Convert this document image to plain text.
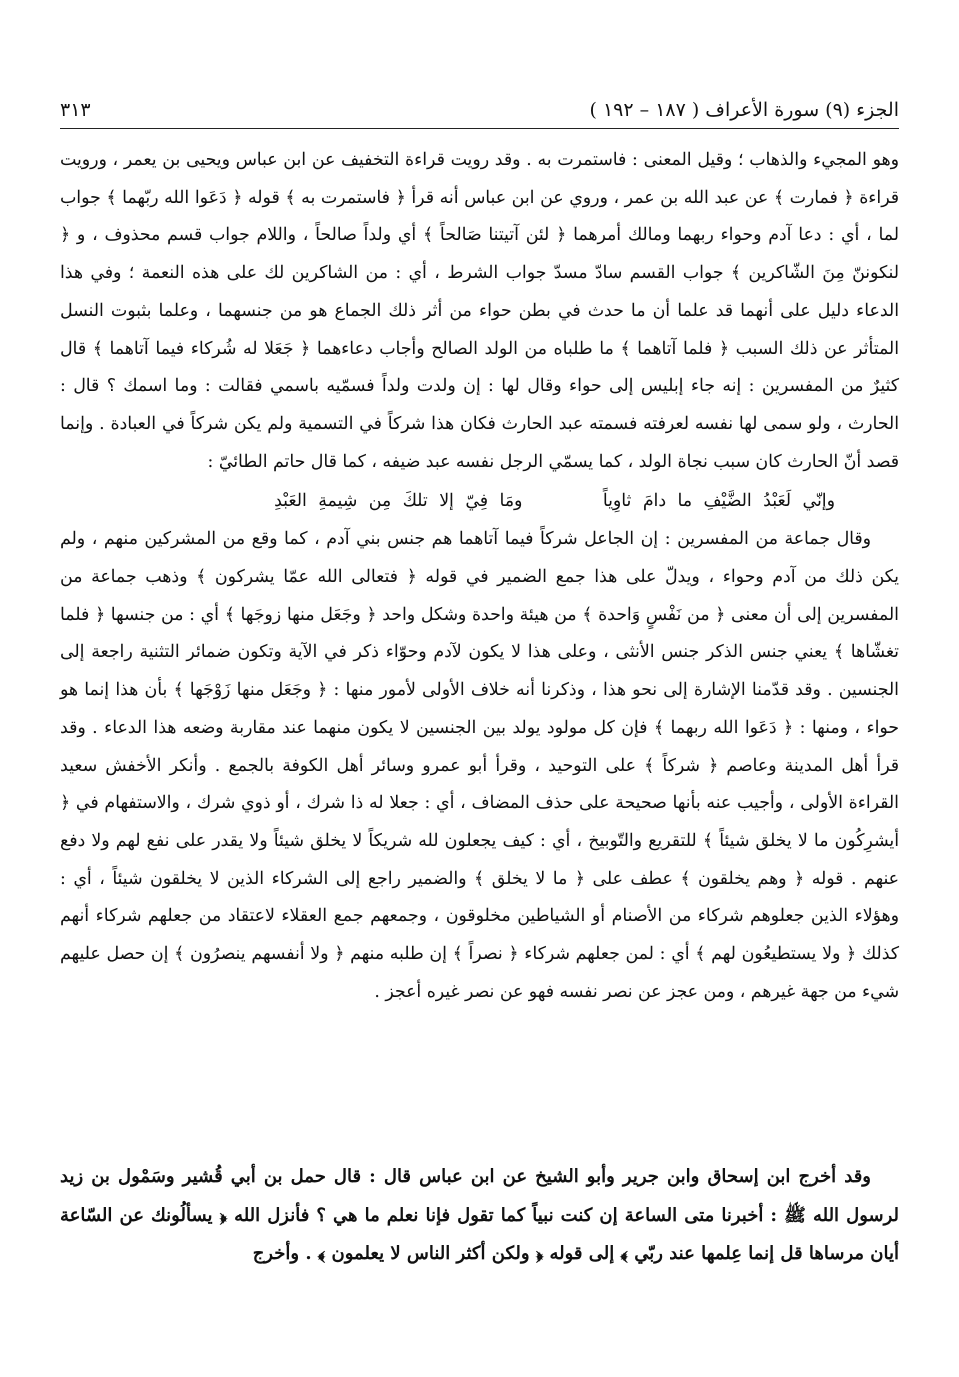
الجزء (٩) سورة الأعراف ( ١٨٧ – ١٩٢ )
٣١٣

وهو المجيء والذهاب ؛ وقيل المعنى : فاستمرت به . وقد رويت قراءة التخفيف عن ابن عباس ويحيى بن يعمر ، ورويت قراءة ﴿ فمارت ﴾ عن عبد الله بن عمر ، وروي عن ابن عباس أنه قرأ ﴿ فاستمرت به ﴾ قوله ﴿ دَعَوا الله ربّهما ﴾ جواب لما ، أي : دعا آدم وحواء ربهما ومالك أمرهما ﴿ لئن آتيتنا صَالحاً ﴾ أي ولداً صالحاً ، واللام جواب قسم محذوف ، و ﴿ لنكوننّ مِنَ الشّاكرين ﴾ جواب القسم سادّ مسدّ جواب الشرط ، أي : من الشاكرين لك على هذه النعمة ؛ وفي هذا الدعاء دليل على أنهما قد علما أن ما حدث في بطن حواء من أثر ذلك الجماع هو من جنسهما ، وعلما بثبوت النسل المتأثر عن ذلك السبب ﴿ فلما آتاهما ﴾ ما طلباه من الولد الصالح وأجاب دعاءهما ﴿ جَعَلا له شُركاء فيما آتاهما ﴾ قال كثيرٌ من المفسرين : إنه جاء إبليس إلى حواء وقال لها : إن ولدت ولداً فسمّيه باسمي فقالت : وما اسمك ؟ قال : الحارث ، ولو سمى لها نفسه لعرفته فسمته عبد الحارث فكان هذا شركاً في التسمية ولم يكن شركاً في العبادة . وإنما قصد أنّ الحارث كان سبب نجاة الولد ، كما يسمّي الرجل نفسه عبد ضيفه ، كما قال حاتم الطائيّ :

وإنّي لَعَبْدُ الضَّيْفِ ما دامَ ثاوِياً       ومَا فِيّ إلا تلكَ مِن شِيمةِ العَبْدِ

وقال جماعة من المفسرين : إن الجاعل شركاً فيما آتاهما هم جنس بني آدم ، كما وقع من المشركين منهم ، ولم يكن ذلك من آدم وحواء ، ويدلّ على هذا جمع الضمير في قوله ﴿ فتعالى الله عمّا يشركون ﴾ وذهب جماعة من المفسرين إلى أن معنى ﴿ من نَفْسٍ وَاحدة ﴾ من هيئة واحدة وشكل واحد ﴿ وجَعَل منها زوجَها ﴾ أي : من جنسها ﴿ فلما تغشّاها ﴾ يعني جنس الذكر جنس الأنثى ، وعلى هذا لا يكون لآدم وحوّاء ذكر في الآية وتكون ضمائر التثنية راجعة إلى الجنسين . وقد قدّمنا الإشارة إلى نحو هذا ، وذكرنا أنه خلاف الأولى لأمور منها : ﴿ وجَعَل منها زَوْجَها ﴾ بأن هذا إنما هو حواء ، ومنها : ﴿ دَعَوا الله ربهما ﴾ فإن كل مولود يولد بين الجنسين لا يكون منهما عند مقاربة وضعه هذا الدعاء . وقد قرأ أهل المدينة وعاصم ﴿ شركاً ﴾ على التوحيد ، وقرأ أبو عمرو وسائر أهل الكوفة بالجمع . وأنكر الأخفش سعيد القراءة الأولى ، وأجيب عنه بأنها صحيحة على حذف المضاف ، أي : جعلا له ذا شرك ، أو ذوي شرك ، والاستفهام في ﴿ أيشرِكُون ما لا يخلق شيئاً ﴾ للتقريع والتّوبيخ ، أي : كيف يجعلون لله شريكاً لا يخلق شيئاً ولا يقدر على نفع لهم ولا دفع عنهم . قوله ﴿ وهم يخلقون ﴾ عطف على ﴿ ما لا يخلق ﴾ والضمير راجع إلى الشركاء الذين لا يخلقون شيئاً ، أي : وهؤلاء الذين جعلوهم شركاء من الأصنام أو الشياطين مخلوقون ، وجمعهم جمع العقلاء لاعتقاد من جعلهم شركاء أنهم كذلك ﴿ ولا يستطيعُون لهم ﴾ أي : لمن جعلهم شركاء ﴿ نصراً ﴾ إن طلبه منهم ﴿ ولا أنفسهم ينصرُون ﴾ إن حصل عليهم شيء من جهة غيرهم ، ومن عجز عن نصر نفسه فهو عن نصر غيره أعجز .

وقد أخرج ابن إسحاق وابن جرير وأبو الشيخ عن ابن عباس قال : قال حمل بن أبي قُشير وسَمْول بن زيد لرسول الله ﷺ : أخبرنا متى الساعة إن كنت نبياً كما تقول فإنا نعلم ما هي ؟ فأنزل الله ﴿ يسألُونك عن السّاعة أيان مرساها قل إنما عِلمها عند ربّي ﴾ إلى قوله ﴿ ولكن أكثر الناس لا يعلمون ﴾ . وأخرج
